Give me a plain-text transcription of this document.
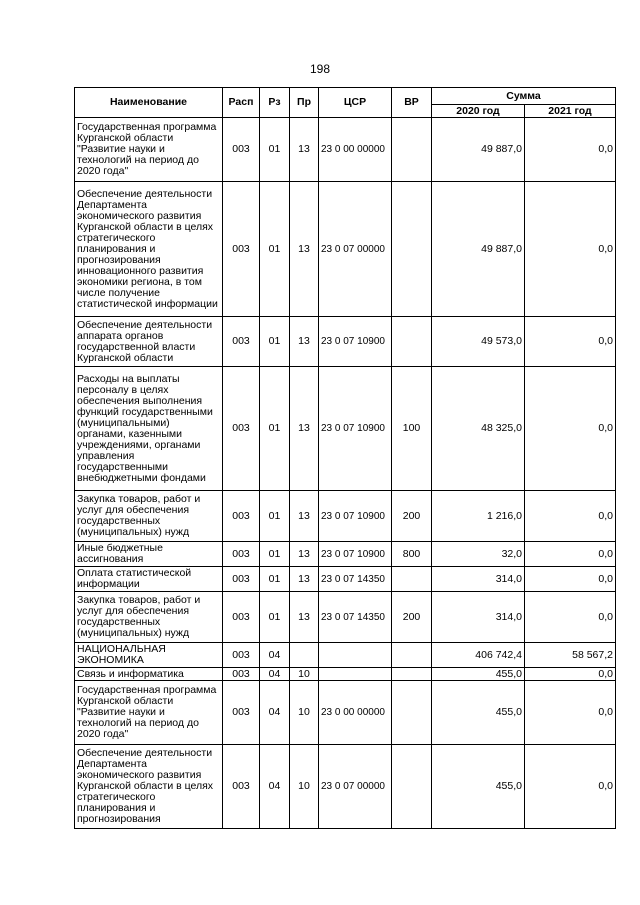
198
Наименование	Расп	Рз	Пр	ЦСР	ВР	Сумма	
						2020 год	2021 год
Государственная программа Курганской области "Развитие науки и технологий на период до 2020 года"	003	01	13	23 0 00 00000		49 887,0	0,0
Обеспечение деятельности Департамента экономического развития Курганской области в целях стратегического планирования и прогнозирования инновационного развития экономики региона, в том числе получение статистической информации	003	01	13	23 0 07 00000		49 887,0	0,0
Обеспечение деятельности аппарата органов государственной власти Курганской области	003	01	13	23 0 07 10900		49 573,0	0,0
Расходы на выплаты персоналу в целях обеспечения выполнения функций государственными (муниципальными) органами, казенными учреждениями, органами управления государственными внебюджетными фондами	003	01	13	23 0 07 10900	100	48 325,0	0,0
Закупка товаров, работ и услуг для обеспечения государственных (муниципальных) нужд	003	01	13	23 0 07 10900	200	1 216,0	0,0
Иные бюджетные ассигнования	003	01	13	23 0 07 10900	800	32,0	0,0
Оплата статистической информации	003	01	13	23 0 07 14350		314,0	0,0
Закупка товаров, работ и услуг для обеспечения государственных (муниципальных) нужд	003	01	13	23 0 07 14350	200	314,0	0,0
НАЦИОНАЛЬНАЯ ЭКОНОМИКА	003	04				406 742,4	58 567,2
Связь и информатика	003	04	10			455,0	0,0
Государственная программа Курганской области "Развитие науки и технологий на период до 2020 года"	003	04	10	23 0 00 00000		455,0	0,0
Обеспечение деятельности Департамента экономического развития Курганской области в целях стратегического планирования и прогнозирования	003	04	10	23 0 07 00000		455,0	0,0
